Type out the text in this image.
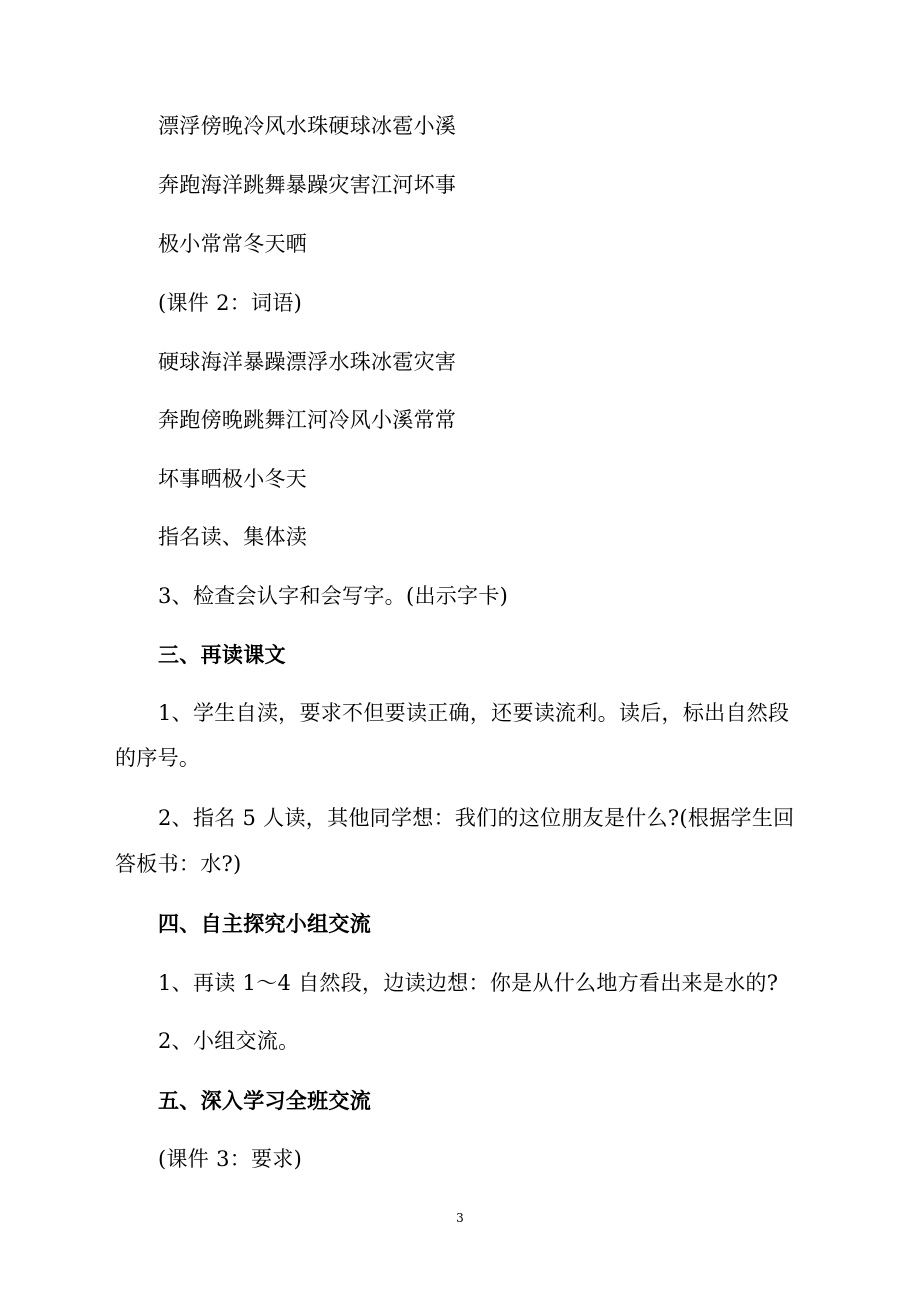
漂浮傍晚冷风水珠硬球冰雹小溪
奔跑海洋跳舞暴躁灾害江河坏事
极小常常冬天晒
(课件 2：词语)
硬球海洋暴躁漂浮水珠冰雹灾害
奔跑傍晚跳舞江河冷风小溪常常
坏事晒极小冬天
指名读、集体渎
3、检查会认字和会写字。(出示字卡)
三、再读课文
1、学生自渎，要求不但要读正确，还要读流利。读后，标出自然段
的序号。
2、指名 5 人读，其他同学想：我们的这位朋友是什么?(根据学生回
答板书：水?)
四、自主探究小组交流
1、再读 1～4 自然段，边读边想：你是从什么地方看出来是水的?
2、小组交流。
五、深入学习全班交流
(课件 3：要求)
3
